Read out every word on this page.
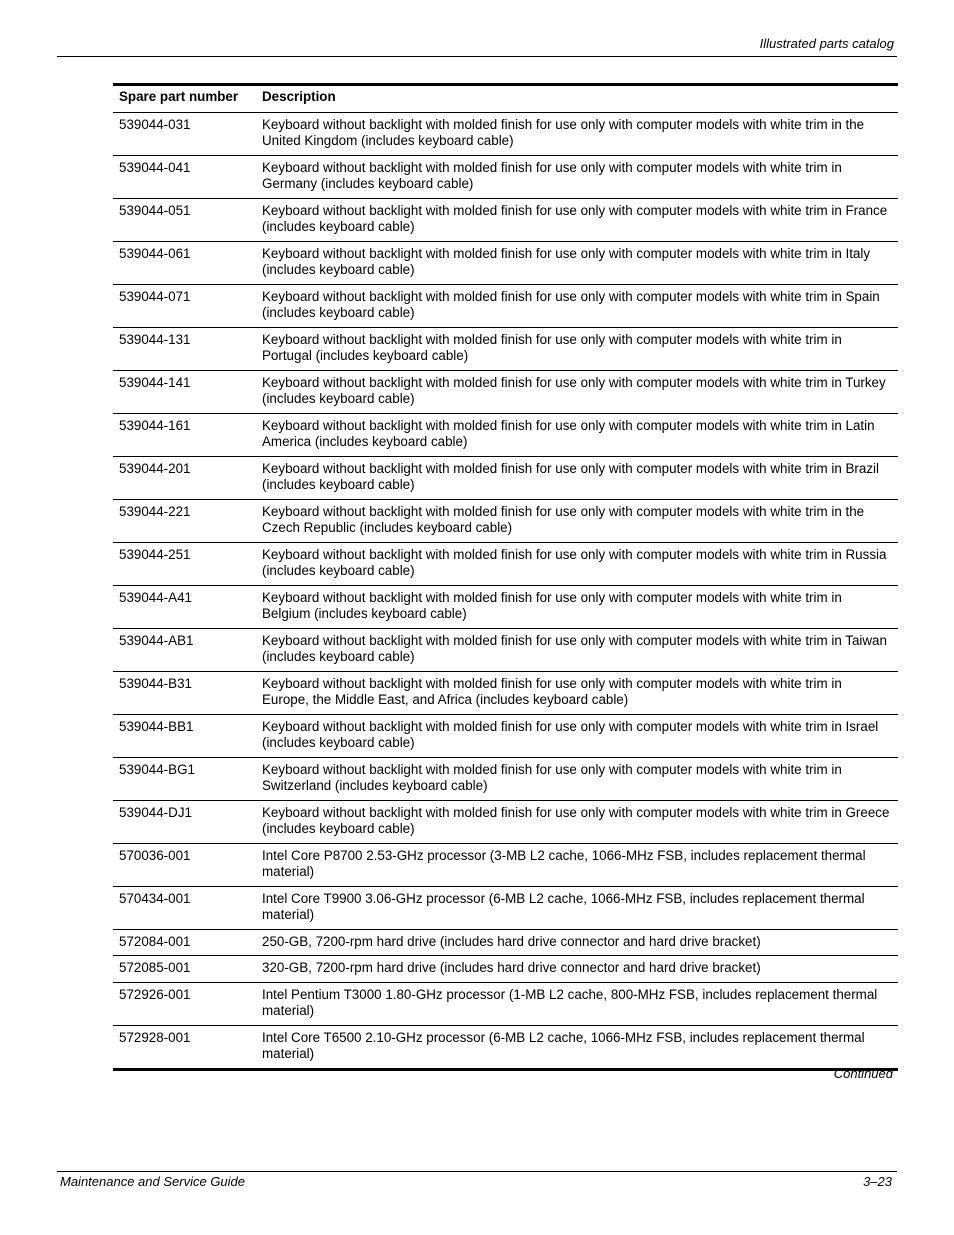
Illustrated parts catalog
Spare part number	Description
539044-031	Keyboard without backlight with molded finish for use only with computer models with white trim in the United Kingdom (includes keyboard cable)
539044-041	Keyboard without backlight with molded finish for use only with computer models with white trim in Germany (includes keyboard cable)
539044-051	Keyboard without backlight with molded finish for use only with computer models with white trim in France (includes keyboard cable)
539044-061	Keyboard without backlight with molded finish for use only with computer models with white trim in Italy (includes keyboard cable)
539044-071	Keyboard without backlight with molded finish for use only with computer models with white trim in Spain (includes keyboard cable)
539044-131	Keyboard without backlight with molded finish for use only with computer models with white trim in Portugal (includes keyboard cable)
539044-141	Keyboard without backlight with molded finish for use only with computer models with white trim in Turkey (includes keyboard cable)
539044-161	Keyboard without backlight with molded finish for use only with computer models with white trim in Latin America (includes keyboard cable)
539044-201	Keyboard without backlight with molded finish for use only with computer models with white trim in Brazil (includes keyboard cable)
539044-221	Keyboard without backlight with molded finish for use only with computer models with white trim in the Czech Republic (includes keyboard cable)
539044-251	Keyboard without backlight with molded finish for use only with computer models with white trim in Russia (includes keyboard cable)
539044-A41	Keyboard without backlight with molded finish for use only with computer models with white trim in Belgium (includes keyboard cable)
539044-AB1	Keyboard without backlight with molded finish for use only with computer models with white trim in Taiwan (includes keyboard cable)
539044-B31	Keyboard without backlight with molded finish for use only with computer models with white trim in Europe, the Middle East, and Africa (includes keyboard cable)
539044-BB1	Keyboard without backlight with molded finish for use only with computer models with white trim in Israel (includes keyboard cable)
539044-BG1	Keyboard without backlight with molded finish for use only with computer models with white trim in Switzerland (includes keyboard cable)
539044-DJ1	Keyboard without backlight with molded finish for use only with computer models with white trim in Greece (includes keyboard cable)
570036-001	Intel Core P8700 2.53-GHz processor (3-MB L2 cache, 1066-MHz FSB, includes replacement thermal material)
570434-001	Intel Core T9900 3.06-GHz processor (6-MB L2 cache, 1066-MHz FSB, includes replacement thermal material)
572084-001	250-GB, 7200-rpm hard drive (includes hard drive connector and hard drive bracket)
572085-001	320-GB, 7200-rpm hard drive (includes hard drive connector and hard drive bracket)
572926-001	Intel Pentium T3000 1.80-GHz processor (1-MB L2 cache, 800-MHz FSB, includes replacement thermal material)
572928-001	Intel Core T6500 2.10-GHz processor (6-MB L2 cache, 1066-MHz FSB, includes replacement thermal material)
Continued
Maintenance and Service Guide	3–23
